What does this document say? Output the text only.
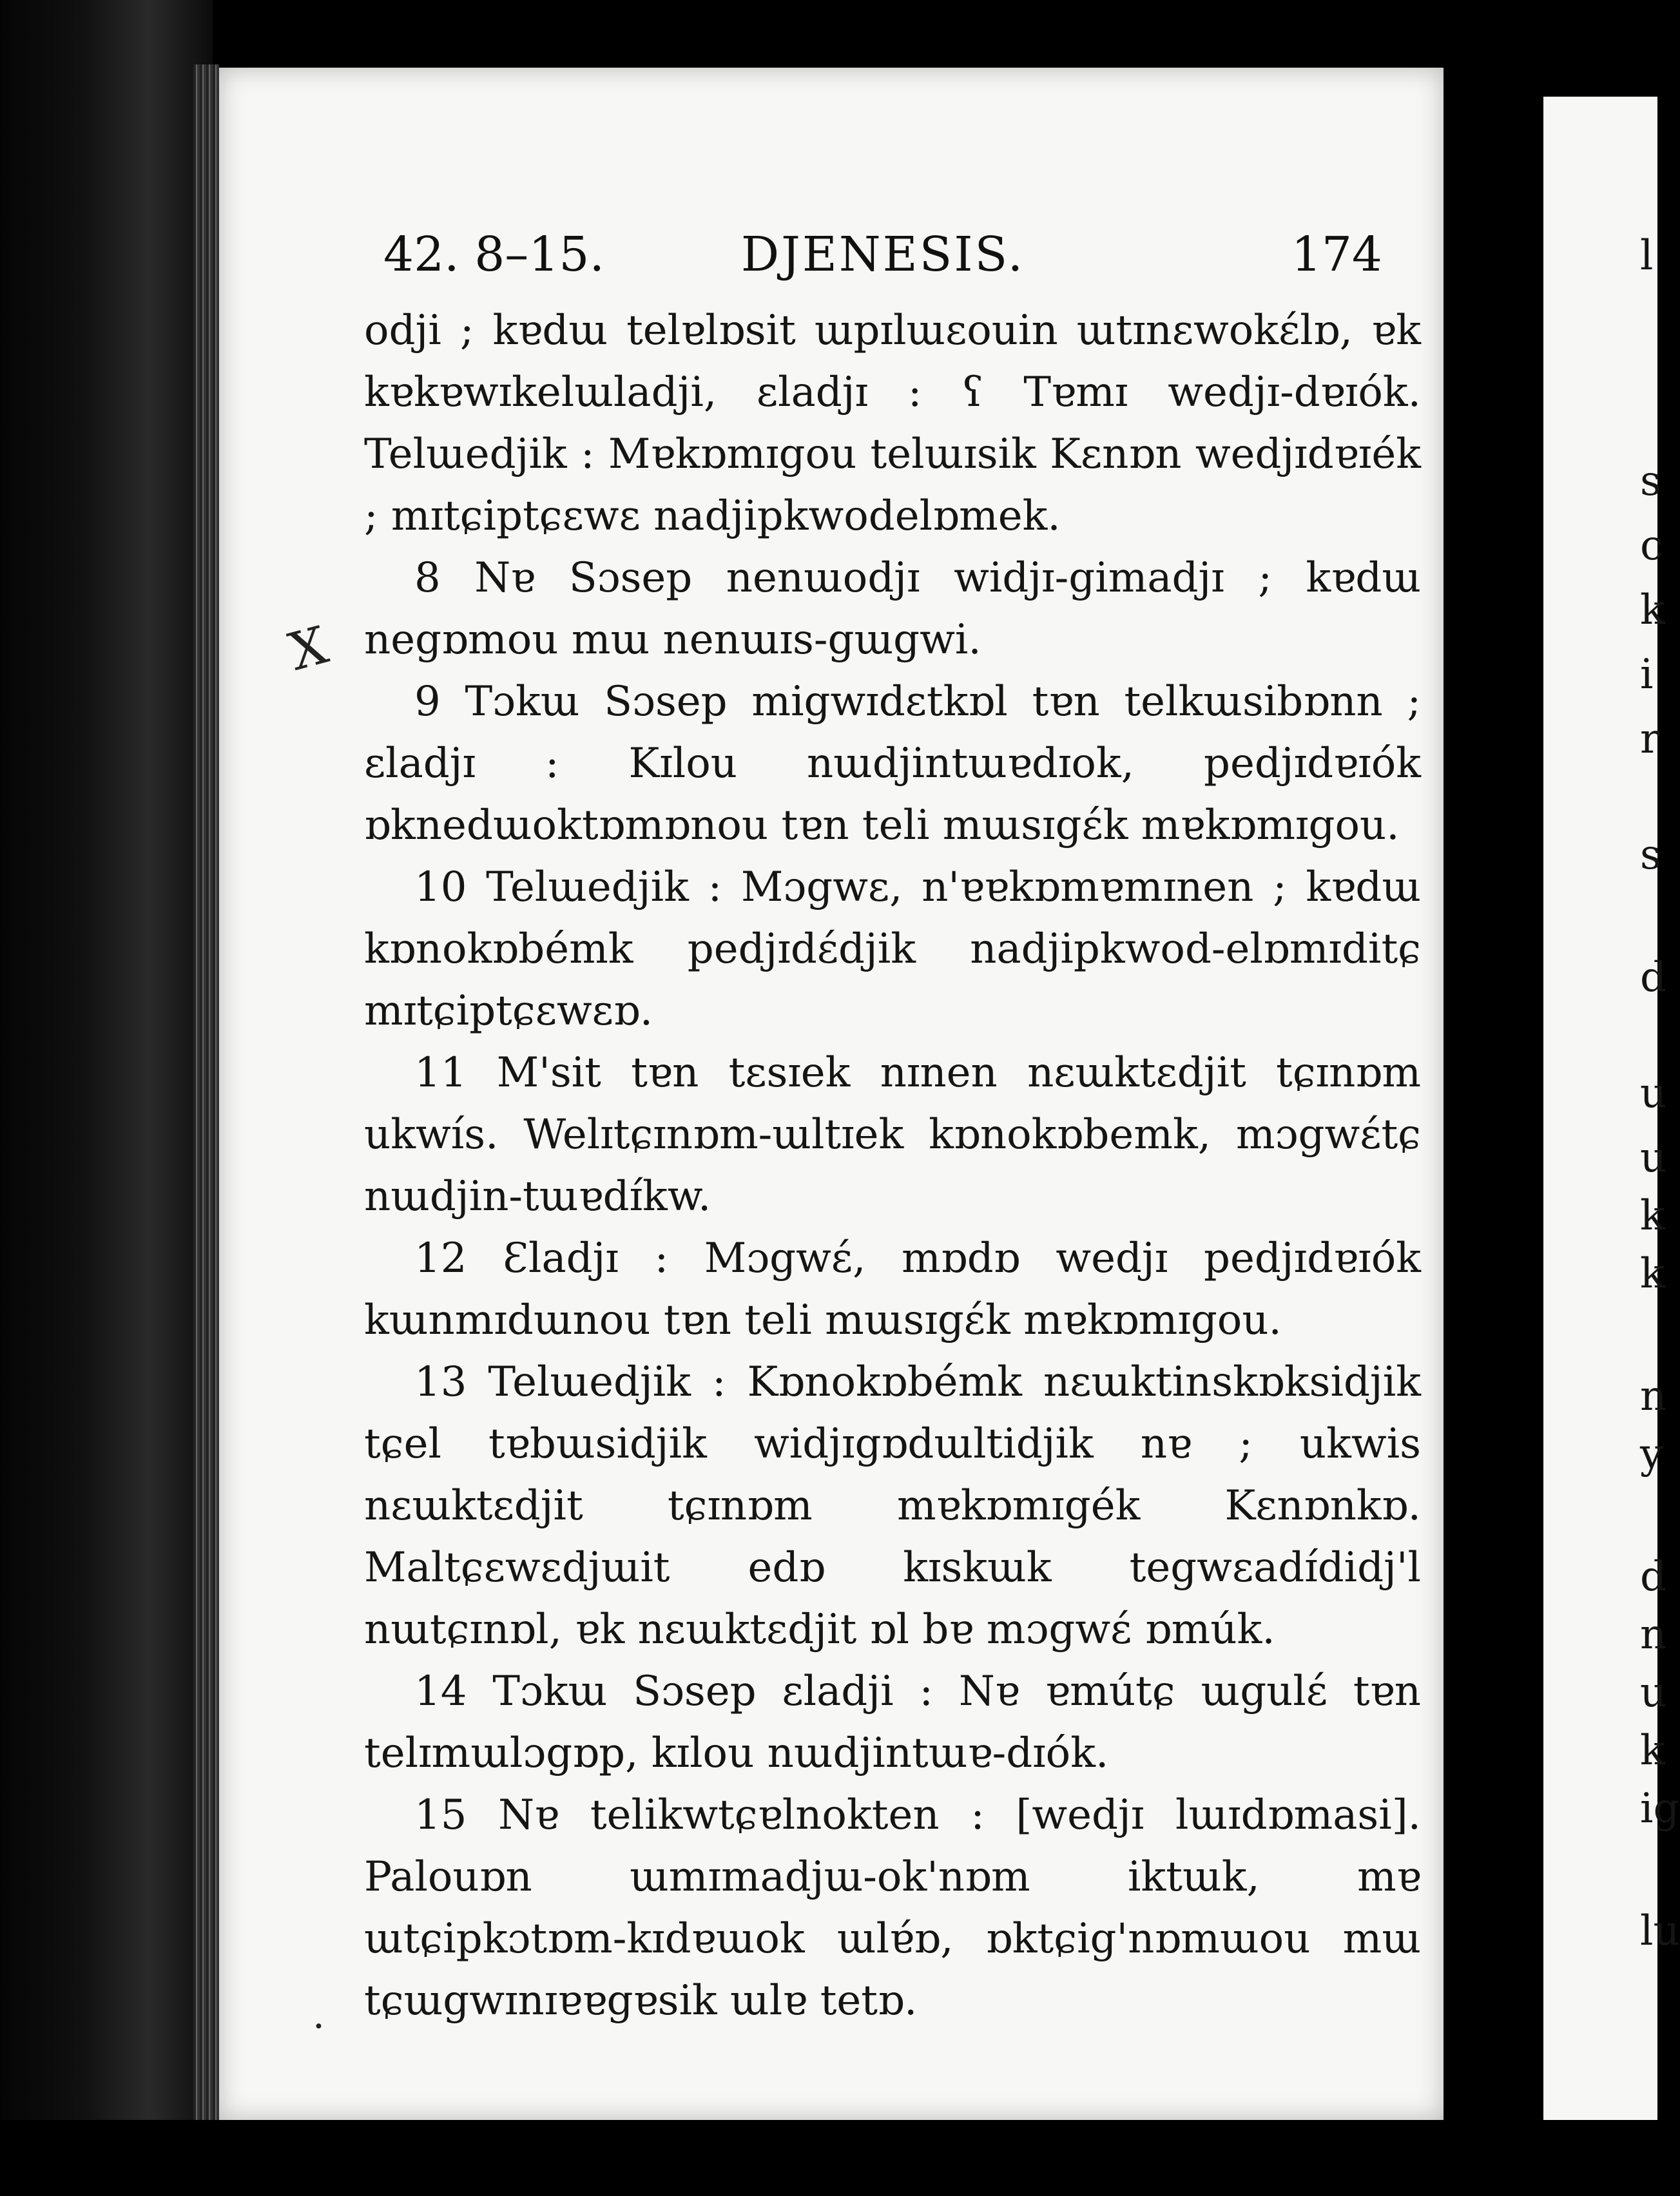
42. 8–15.	DJENESIS.	174
X
·

odji ; kɐdɯ telɐlɒsit ɯpɪlɯɛouin ɯtɪnɛwokɛ́lɒ, ɐk kɐkɐwɪkelɯladji, ɛladjɪ : ʕ Tɐmɪ wedjɪ-dɐɪók. Telɯedjik : Mɐkɒmɪgou telɯɪsik Kɛnɒn wedjɪdɐɪék ; mɪtɕiptɕɛwɛ nadjipkwodelɒmek.

8 Nɐ Sɔsep nenɯodjɪ widjɪ-gimadjɪ ; kɐdɯ negɒmou mɯ nenɯɪs-gɯgwi.

9 Tɔkɯ Sɔsep migwɪdɛtkɒl tɐn telkɯsibɒnn ; ɛladjɪ : Kɪlou nɯdjintɯɐdɪok, pedjɪdɐɪók ɒknedɯoktɒmɒnou tɐn teli mɯsɪgɛ́k mɐkɒmɪgou.

10 Telɯedjik : Mɔgwɛ, n'ɐɐkɒmɐmɪnen ; kɐdɯ kɒnokɒbémk pedjɪdɛ́djik nadjipkwod-elɒmɪditɕ mɪtɕiptɕɛwɛɒ.

11 M'sit tɐn tɛsɪek nɪnen nɛɯktɛdjit tɕɪnɒm ukwís. Welɪtɕɪnɒm-ɯltɪek kɒnokɒbemk, mɔgwɛ́tɕ nɯdjin-tɯɐdɪ́kw.

12 Ɛladjɪ : Mɔgwɛ́, mɒdɒ wedjɪ pedjɪdɐɪók kɯnmɪdɯnou tɐn teli mɯsɪgɛ́k mɐkɒmɪgou.

13 Telɯedjik : Kɒnokɒbémk nɛɯktinskɒksidjik tɕel tɐbɯsidjik widjɪgɒdɯltidjik nɐ ; ukwis nɛɯktɛdjit tɕɪnɒm mɐkɒmɪgék Kɛnɒnkɒ. Maltɕɛwɛdjɯit edɒ kɪskɯk tegwɛadɪ́didj'l nɯtɕɪnɒl, ɐk nɛɯktɛdjit ɒl bɐ mɔgwɛ́ ɒmúk.

14 Tɔkɯ Sɔsep ɛladji : Nɐ ɐmútɕ ɯgulɛ́ tɐn telɪmɯlɔgɒp, kɪlou nɯdjintɯɐ-dɪók.

15 Nɐ telikwtɕɐlnokten : [wedjɪ lɯɪdɒmasi]. Palouɒn ɯmɪmadjɯ-ok'nɒm iktɯk, mɐ ɯtɕipkɔtɒm-kɪdɐɯok ɯlɐ́ɒ, ɒktɕig'nɒmɯou mɯ tɕɯgwɪnɪɐɐgɐsik ɯlɐ tetɒ.

l
s
c
k
i
r
s
d
u
u
k
k
n
y
d
n
u
k
ig
lu
